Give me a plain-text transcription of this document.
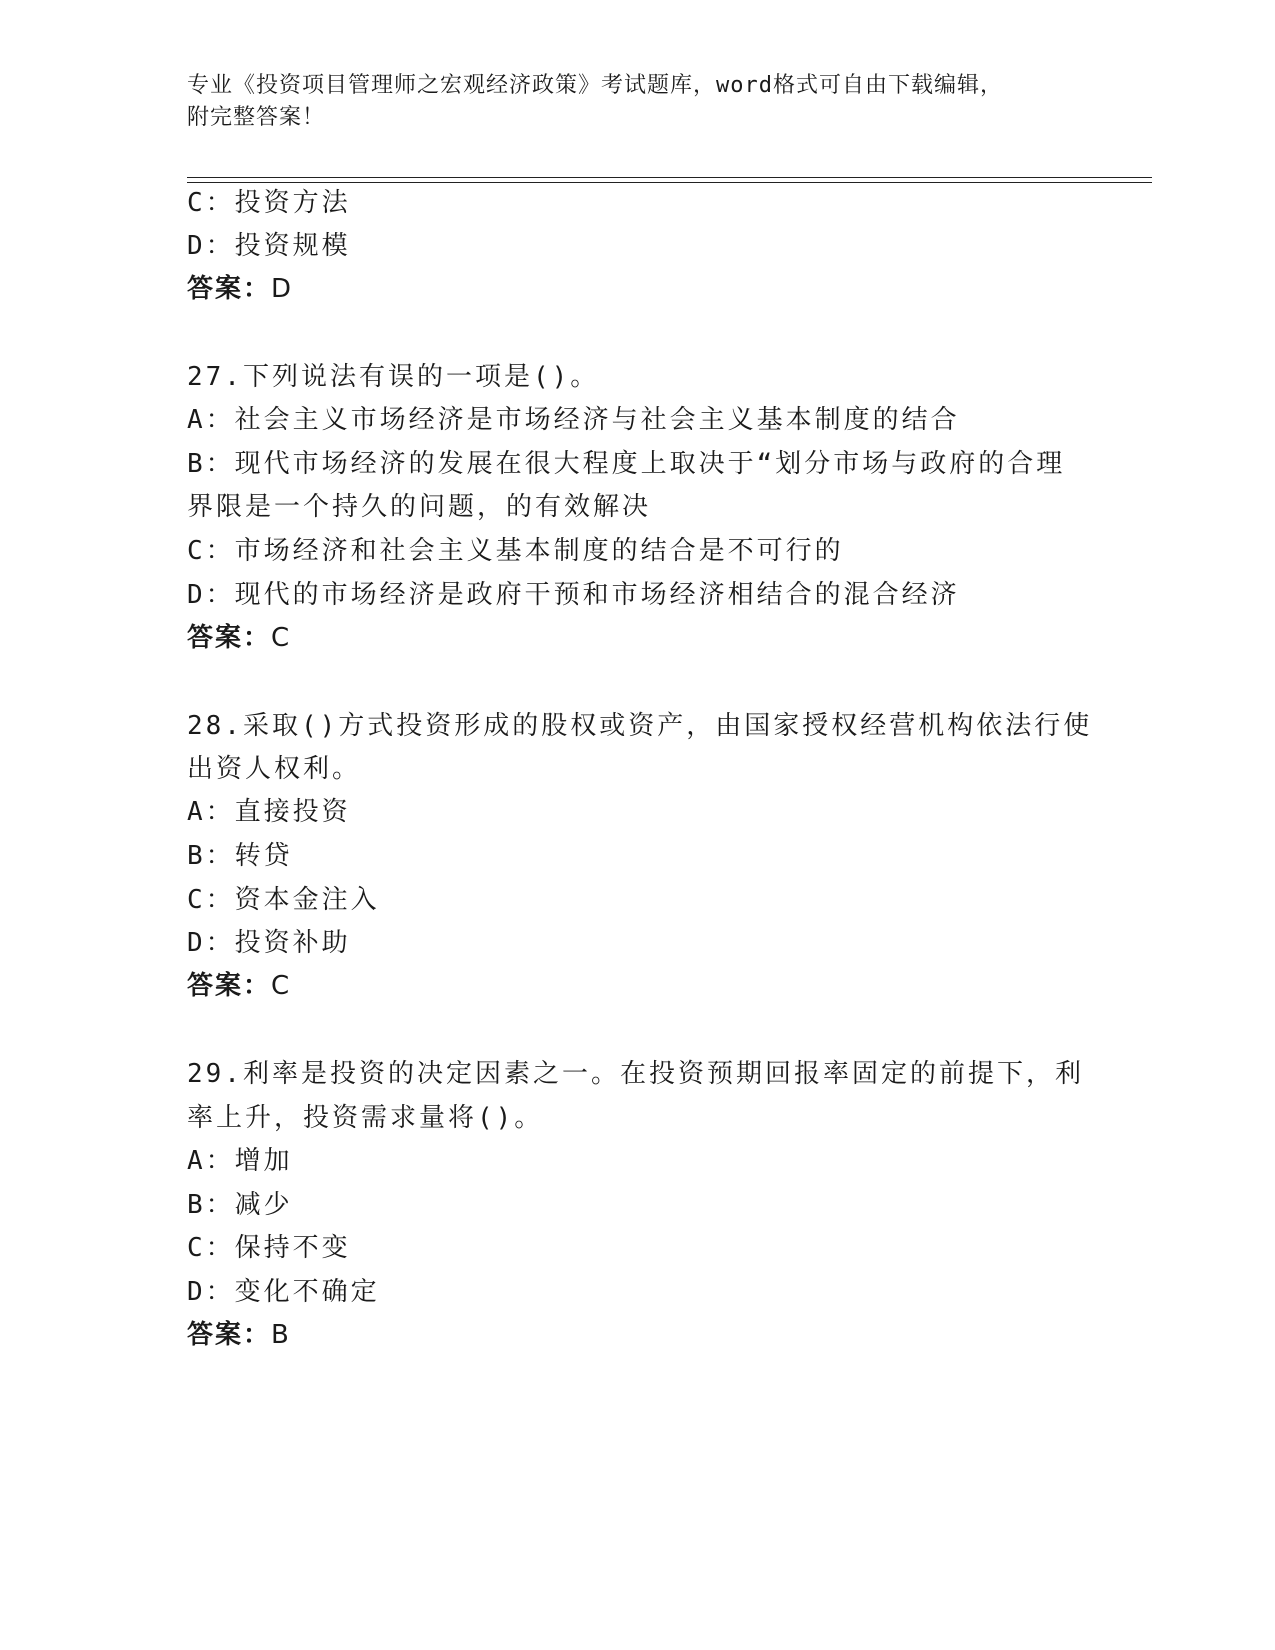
专业《投资项目管理师之宏观经济政策》考试题库，word格式可自由下载编辑，
附完整答案！
C：投资方法
D：投资规模
答案：D
27.下列说法有误的一项是()。
A：社会主义市场经济是市场经济与社会主义基本制度的结合
B：现代市场经济的发展在很大程度上取决于“划分市场与政府的合理
界限是一个持久的问题，的有效解决
C：市场经济和社会主义基本制度的结合是不可行的
D：现代的市场经济是政府干预和市场经济相结合的混合经济
答案：C
28.采取()方式投资形成的股权或资产，由国家授权经营机构依法行使
出资人权利。
A：直接投资
B：转贷
C：资本金注入
D：投资补助
答案：C
29.利率是投资的决定因素之一。在投资预期回报率固定的前提下，利
率上升，投资需求量将()。
A：增加
B：减少
C：保持不变
D：变化不确定
答案：B
